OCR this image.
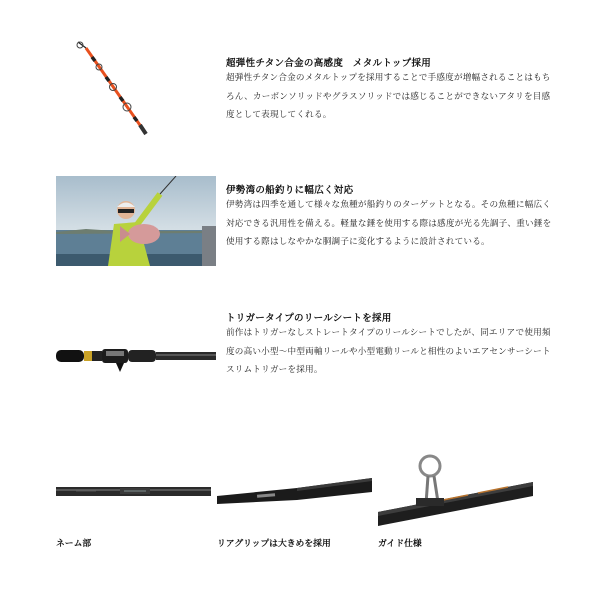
超弾性チタン合金の高感度　メタルトップ採用
超弾性チタン合金のメタルトップを採用することで手感度が増幅されることはもちろん、カーボンソリッドやグラスソリッドでは感じることができないアタリを目感度として表現してくれる。
伊勢湾の船釣りに幅広く対応
伊勢湾は四季を通して様々な魚種が船釣りのターゲットとなる。その魚種に幅広く対応できる汎用性を備える。軽量な錘を使用する際は感度が光る先調子、重い錘を使用する際はしなやかな胴調子に変化するように設計されている。
トリガータイプのリールシートを採用
前作はトリガーなしストレートタイプのリールシートでしたが、同エリアで使用頻度の高い小型～中型両軸リールや小型電動リールと相性のよいエアセンサーシートスリムトリガーを採用。
ネーム部	リアグリップは大きめを採用	ガイド仕様
